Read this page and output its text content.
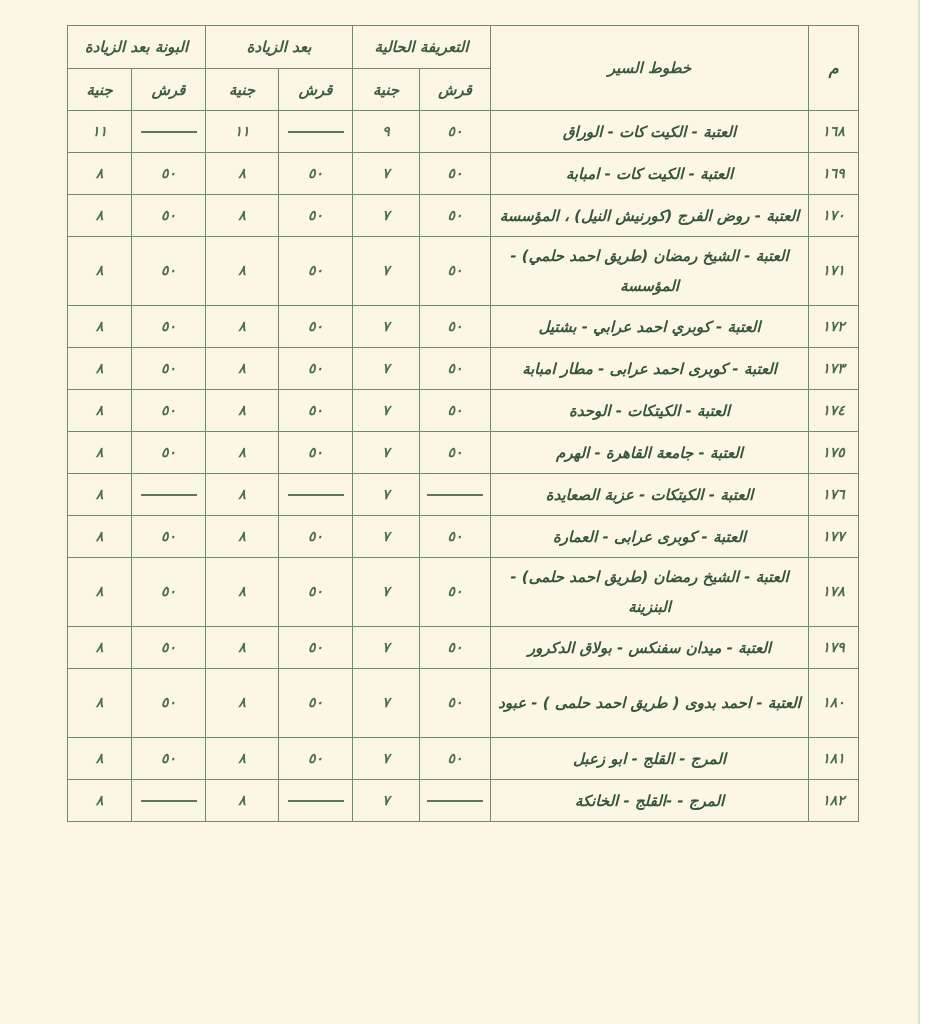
م	خطوط السير	التعريفة الحالية		بعد الزيادة		البونة بعد الزيادة	
		قرش	جنية	قرش	جنية	قرش	جنية
١٦٨	العتبة - الكيت كات - الوراق	٥٠	٩		١١		١١
١٦٩	العتبة - الكيت كات - امبابة	٥٠	٧	٥٠	٨	٥٠	٨
١٧٠	العتبة - روض الفرج (كورنيش النيل) ، المؤسسة	٥٠	٧	٥٠	٨	٥٠	٨
١٧١	العتبة - الشيخ رمضان (طريق احمد حلمي) - المؤسسة	٥٠	٧	٥٠	٨	٥٠	٨
١٧٢	العتبة - كوبري احمد عرابي - بشتيل	٥٠	٧	٥٠	٨	٥٠	٨
١٧٣	العتبة - كوبرى احمد عرابى - مطار امبابة	٥٠	٧	٥٠	٨	٥٠	٨
١٧٤	العتبة - الكيتكات - الوحدة	٥٠	٧	٥٠	٨	٥٠	٨
١٧٥	العتبة - جامعة القاهرة - الهرم	٥٠	٧	٥٠	٨	٥٠	٨
١٧٦	العتبة - الكيتكات - عزبة الصعايدة		٧		٨		٨
١٧٧	العتبة - كوبرى عرابى - العمارة	٥٠	٧	٥٠	٨	٥٠	٨
١٧٨	العتبة - الشيخ رمضان (طريق احمد حلمى) - البنزينة	٥٠	٧	٥٠	٨	٥٠	٨
١٧٩	العتبة - ميدان سفنكس - بولاق الدكرور	٥٠	٧	٥٠	٨	٥٠	٨
١٨٠	العتبة - احمد بدوى ( طريق احمد حلمى ) - عبود	٥٠	٧	٥٠	٨	٥٠	٨
١٨١	المرج - القلج - ابو زعبل	٥٠	٧	٥٠	٨	٥٠	٨
١٨٢	المرج - -القلج - الخانكة		٧		٨		٨
